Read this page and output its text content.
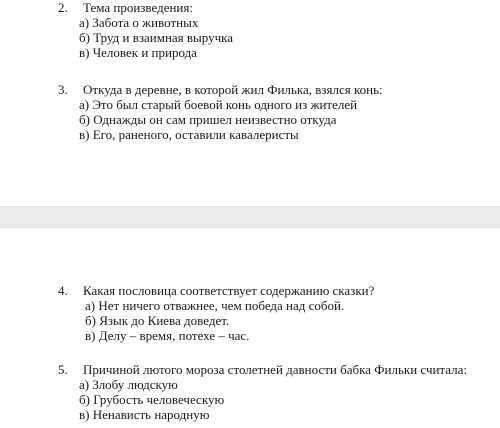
2.	Тема произведения:
а) Забота о животных
б) Труд и взаимная выручка
в) Человек и природа
3.	Откуда в деревне, в которой жил Филька, взялся конь:
а) Это был старый боевой конь одного из жителей
б) Однажды он сам пришел неизвестно откуда
в) Его, раненого, оставили кавалеристы
4.	Какая пословица соответствует содержанию сказки?
а) Нет ничего отважнее, чем победа над собой.
б) Язык до Киева доведет.
в) Делу – время, потехе – час.
5.	Причиной лютого мороза столетней давности бабка Фильки считала:
а) Злобу людскую
б) Грубость человеческую
в) Ненависть народную
